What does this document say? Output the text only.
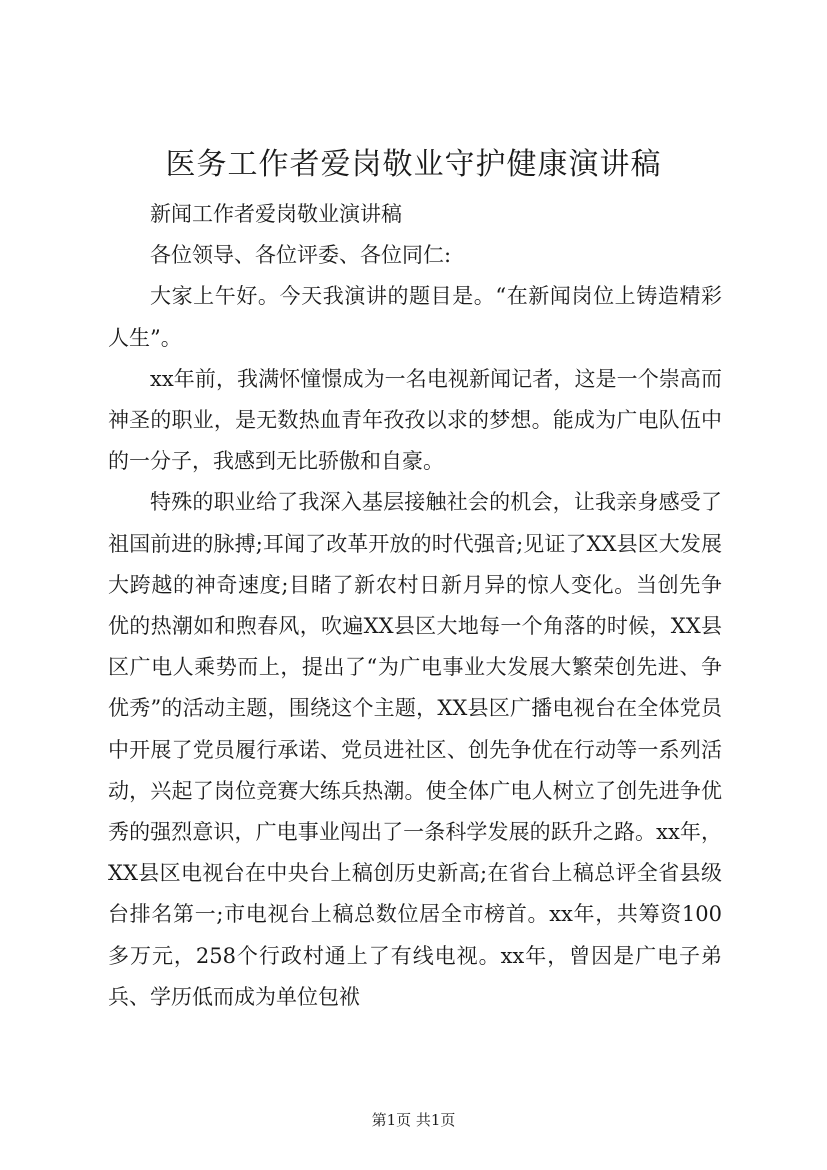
医务工作者爱岗敬业守护健康演讲稿

新闻工作者爱岗敬业演讲稿

各位领导、各位评委、各位同仁:

大家上午好。今天我演讲的题目是。“在新闻岗位上铸造精彩人生”。

xx年前，我满怀憧憬成为一名电视新闻记者，这是一个崇高而神圣的职业，是无数热血青年孜孜以求的梦想。能成为广电队伍中的一分子，我感到无比骄傲和自豪。

特殊的职业给了我深入基层接触社会的机会，让我亲身感受了祖国前进的脉搏;耳闻了改革开放的时代强音;见证了XX县区大发展大跨越的神奇速度;目睹了新农村日新月异的惊人变化。当创先争优的热潮如和煦春风，吹遍XX县区大地每一个角落的时候，XX县区广电人乘势而上，提出了“为广电事业大发展大繁荣创先进、争优秀”的活动主题，围绕这个主题，XX县区广播电视台在全体党员中开展了党员履行承诺、党员进社区、创先争优在行动等一系列活动，兴起了岗位竞赛大练兵热潮。使全体广电人树立了创先进争优秀的强烈意识，广电事业闯出了一条科学发展的跃升之路。xx年，XX县区电视台在中央台上稿创历史新高;在省台上稿总评全省县级台排名第一;市电视台上稿总数位居全市榜首。xx年，共筹资100多万元，258个行政村通上了有线电视。xx年，曾因是广电子弟兵、学历低而成为单位包袱

第1页 共1页
